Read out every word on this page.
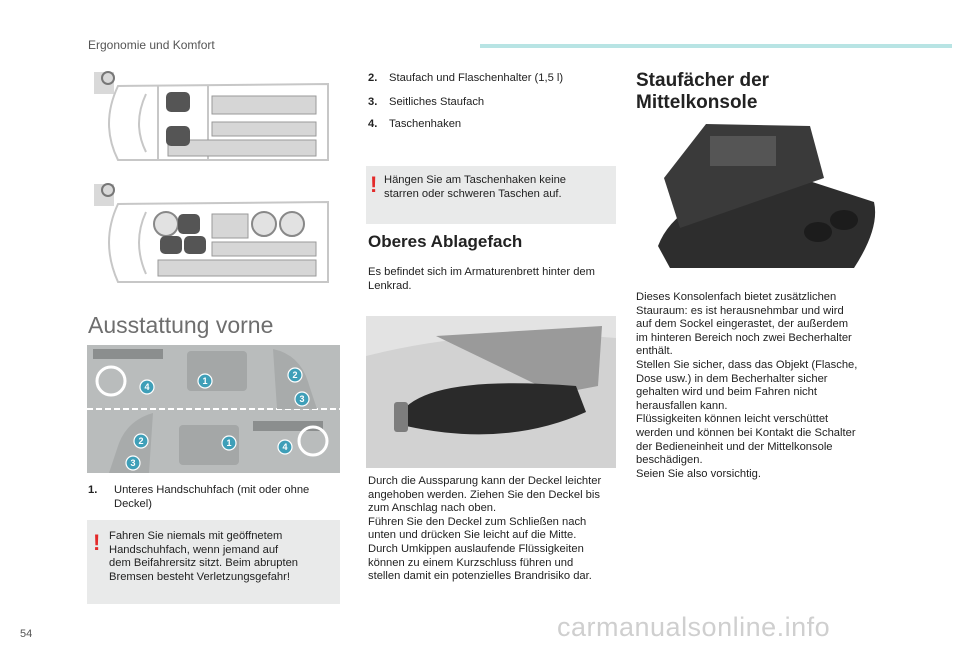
Ergonomie und Komfort
Ausstattung vorne
1
2
3
4
1
2
3
4

1. Unteres Handschuhfach (mit oder ohne
Deckel)

! Fahren Sie niemals mit geöffnetem
Handschuhfach, wenn jemand auf
dem Beifahrersitz sitzt. Beim abrupten
Bremsen besteht Verletzungsgefahr!

2. Staufach und Flaschenhalter (1,5 l)

3. Seitliches Staufach

4. Taschenhaken

! Hängen Sie am Taschenhaken keine
starren oder schweren Taschen auf.
Oberes Ablagefach
Es befindet sich im Armaturenbrett hinter dem
Lenkrad.
Durch die Aussparung kann der Deckel leichter
angehoben werden. Ziehen Sie den Deckel bis
zum Anschlag nach oben.
Führen Sie den Deckel zum Schließen nach
unten und drücken Sie leicht auf die Mitte.
Durch Umkippen auslaufende Flüssigkeiten
können zu einem Kurzschluss führen und
stellen damit ein potenzielles Brandrisiko dar.
Staufächer der
Mittelkonsole
Dieses Konsolenfach bietet zusätzlichen
Stauraum: es ist herausnehmbar und wird
auf dem Sockel eingerastet, der außerdem
im hinteren Bereich noch zwei Becherhalter
enthält.
Stellen Sie sicher, dass das Objekt (Flasche,
Dose usw.) in dem Becherhalter sicher
gehalten wird und beim Fahren nicht
herausfallen kann.
Flüssigkeiten können leicht verschüttet
werden und können bei Kontakt die Schalter
der Bedieneinheit und der Mittelkonsole
beschädigen.
Seien Sie also vorsichtig.
54	carmanualsonline.info
